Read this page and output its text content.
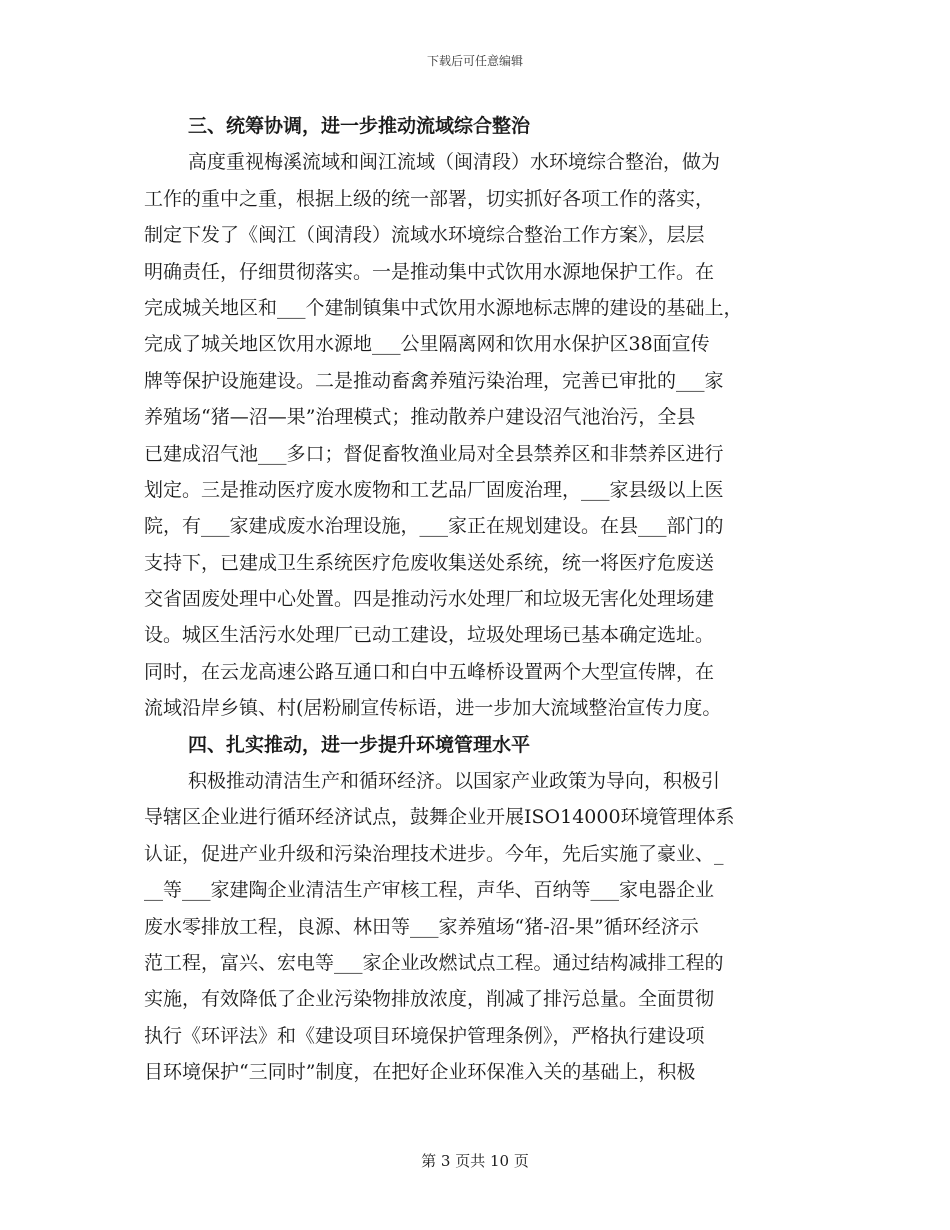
下载后可任意编辑
三、统筹协调，进一步推动流域综合整治
高度重视梅溪流域和闽江流域（闽清段）水环境综合整治，做为
工作的重中之重，根据上级的统一部署，切实抓好各项工作的落实，
制定下发了《闽江（闽清段）流域水环境综合整治工作方案》，层层
明确责任，仔细贯彻落实。一是推动集中式饮用水源地保护工作。在
完成城关地区和___个建制镇集中式饮用水源地标志牌的建设的基础上，
完成了城关地区饮用水源地___公里隔离网和饮用水保护区38面宣传
牌等保护设施建设。二是推动畜禽养殖污染治理，完善已审批的___家
养殖场“猪—沼—果”治理模式；推动散养户建设沼气池治污，全县
已建成沼气池___多口；督促畜牧渔业局对全县禁养区和非禁养区进行
划定。三是推动医疗废水废物和工艺品厂固废治理，___家县级以上医
院，有___家建成废水治理设施，___家正在规划建设。在县___部门的
支持下，已建成卫生系统医疗危废收集送处系统，统一将医疗危废送
交省固废处理中心处置。四是推动污水处理厂和垃圾无害化处理场建
设。城区生活污水处理厂已动工建设，垃圾处理场已基本确定选址。
同时，在云龙高速公路互通口和白中五峰桥设置两个大型宣传牌，在
流域沿岸乡镇、村(居粉刷宣传标语，进一步加大流域整治宣传力度。
四、扎实推动，进一步提升环境管理水平
积极推动清洁生产和循环经济。以国家产业政策为导向，积极引
导辖区企业进行循环经济试点，鼓舞企业开展ISO14000环境管理体系
认证，促进产业升级和污染治理技术进步。今年，先后实施了豪业、_
__等___家建陶企业清洁生产审核工程，声华、百纳等___家电器企业
废水零排放工程，良源、林田等___家养殖场“猪-沼-果”循环经济示
范工程，富兴、宏电等___家企业改燃试点工程。通过结构减排工程的
实施，有效降低了企业污染物排放浓度，削减了排污总量。全面贯彻
执行《环评法》和《建设项目环境保护管理条例》，严格执行建设项
目环境保护“三同时”制度，在把好企业环保准入关的基础上，积极
第 3 页共 10 页
